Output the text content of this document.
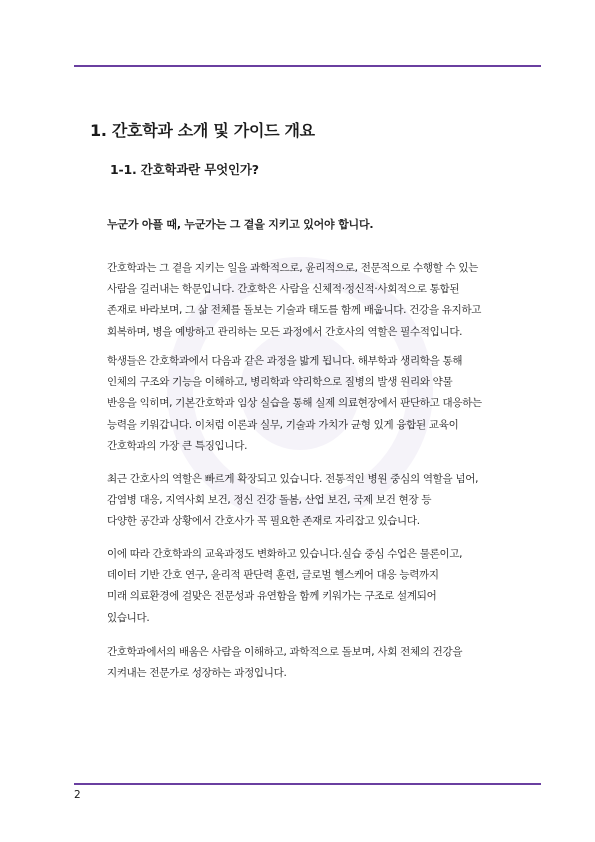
1. 간호학과 소개 및 가이드 개요
1-1. 간호학과란 무엇인가?
누군가 아플 때, 누군가는 그 곁을 지키고 있어야 합니다.
간호학과는 그 곁을 지키는 일을 과학적으로, 윤리적으로, 전문적으로 수행할 수 있는
사람을 길러내는 학문입니다. 간호학은 사람을 신체적·정신적·사회적으로 통합된
존재로 바라보며, 그 삶 전체를 돌보는 기술과 태도를 함께 배웁니다. 건강을 유지하고
회복하며, 병을 예방하고 관리하는 모든 과정에서 간호사의 역할은 필수적입니다.
학생들은 간호학과에서 다음과 같은 과정을 밟게 됩니다. 해부학과 생리학을 통해
인체의 구조와 기능을 이해하고, 병리학과 약리학으로 질병의 발생 원리와 약물
반응을 익히며, 기본간호학과 임상 실습을 통해 실제 의료현장에서 판단하고 대응하는
능력을 키워갑니다. 이처럼 이론과 실무, 기술과 가치가 균형 있게 융합된 교육이
간호학과의 가장 큰 특징입니다.
최근 간호사의 역할은 빠르게 확장되고 있습니다. 전통적인 병원 중심의 역할을 넘어,
감염병 대응, 지역사회 보건, 정신 건강 돌봄, 산업 보건, 국제 보건 현장 등
다양한 공간과 상황에서 간호사가 꼭 필요한 존재로 자리잡고 있습니다.
이에 따라 간호학과의 교육과정도 변화하고 있습니다.실습 중심 수업은 물론이고,
데이터 기반 간호 연구, 윤리적 판단력 훈련, 글로벌 헬스케어 대응 능력까지
미래 의료환경에 걸맞은 전문성과 유연함을 함께 키워가는 구조로 설계되어
있습니다.
간호학과에서의 배움은 사람을 이해하고, 과학적으로 돌보며, 사회 전체의 건강을
지켜내는 전문가로 성장하는 과정입니다.
2
